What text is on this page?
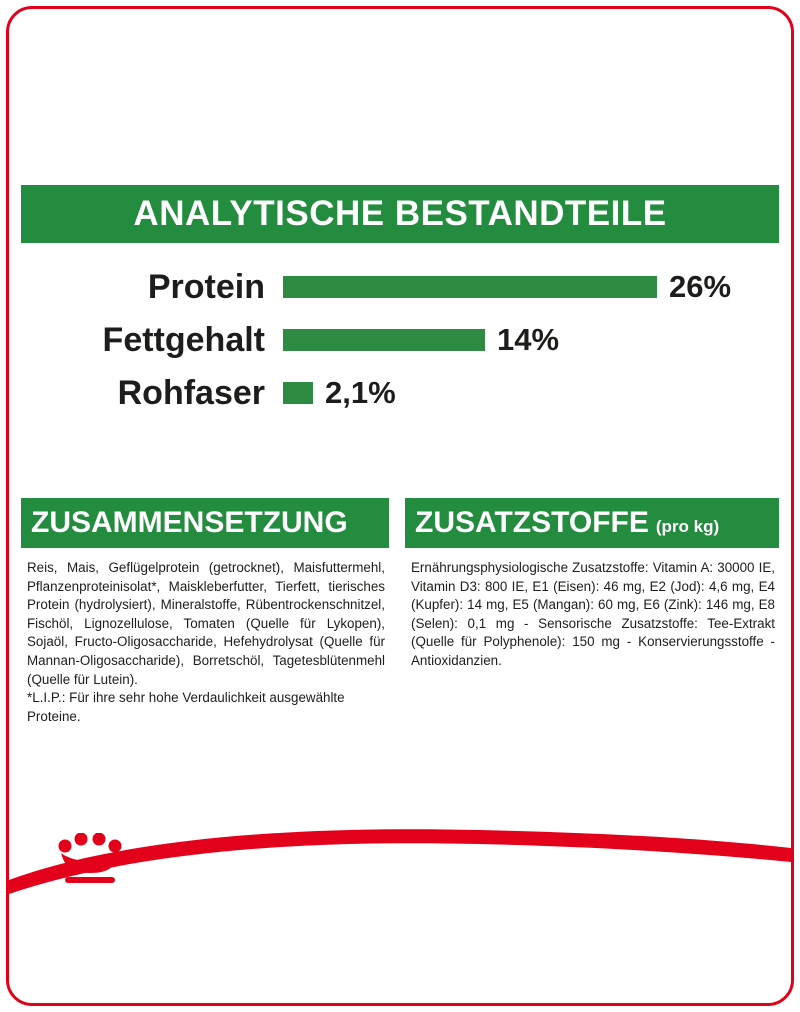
ANALYTISCHE BESTANDTEILE
Protein	26%
Fettgehalt	14%
Rohfaser	2,1%
ZUSAMMENSETZUNG

Reis, Mais, Geflügelprotein (getrocknet), Maisfuttermehl, Pflanzenproteinisolat*, Maiskleberfutter, Tierfett, tierisches Protein (hydrolysiert), Mineralstoffe, Rübentrockenschnitzel, Fischöl, Lignozellulose, Tomaten (Quelle für Lykopen), Sojaöl, Fructo-Oligosaccharide, Hefehydrolysat (Quelle für Mannan-Oligosaccharide), Borretschöl, Tagetesblütenmehl (Quelle für Lutein).

*L.I.P.: Für ihre sehr hohe Verdaulichkeit ausgewählte Proteine.

ZUSATZSTOFFE (pro kg)

Ernährungsphysiologische Zusatzstoffe: Vitamin A: 30000 IE, Vitamin D3: 800 IE, E1 (Eisen): 46 mg, E2 (Jod): 4,6 mg, E4 (Kupfer): 14 mg, E5 (Mangan): 60 mg, E6 (Zink): 146 mg, E8 (Selen): 0,1 mg - Sensorische Zusatzstoffe: Tee-Extrakt (Quelle für Polyphenole): 150 mg - Konservierungsstoffe - Antioxidanzien.
